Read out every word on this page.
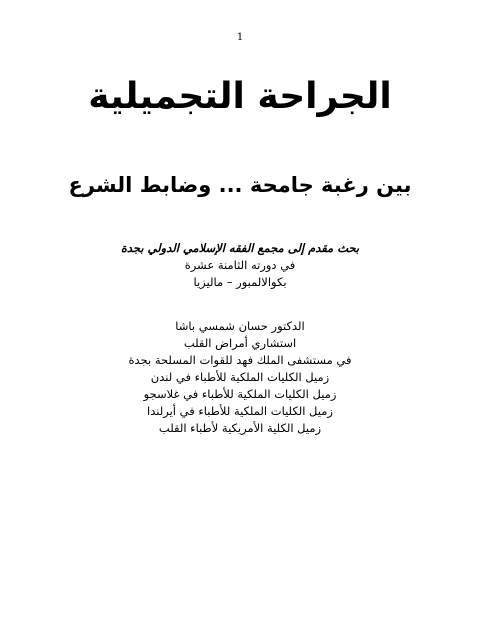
1
الجراحة التجميلية
بين رغبة جامحة ... وضابط الشرع
بحث مقدم إلى مجمع الفقه الإسلامي الدولي بجدة
في دورته الثامنة عشرة
بكوالالمبور – ماليزيا
الدكتور حسان شمسي باشا
استشاري أمراض القلب
في مستشفى الملك فهد للقوات المسلحة بجدة
زميل الكليات الملكية للأطباء في لندن
زميل الكليات الملكية للأطباء في غلاسجو
زميل الكليات الملكية للأطباء في أيرلندا
زميل الكلية الأمريكية لأطباء القلب
